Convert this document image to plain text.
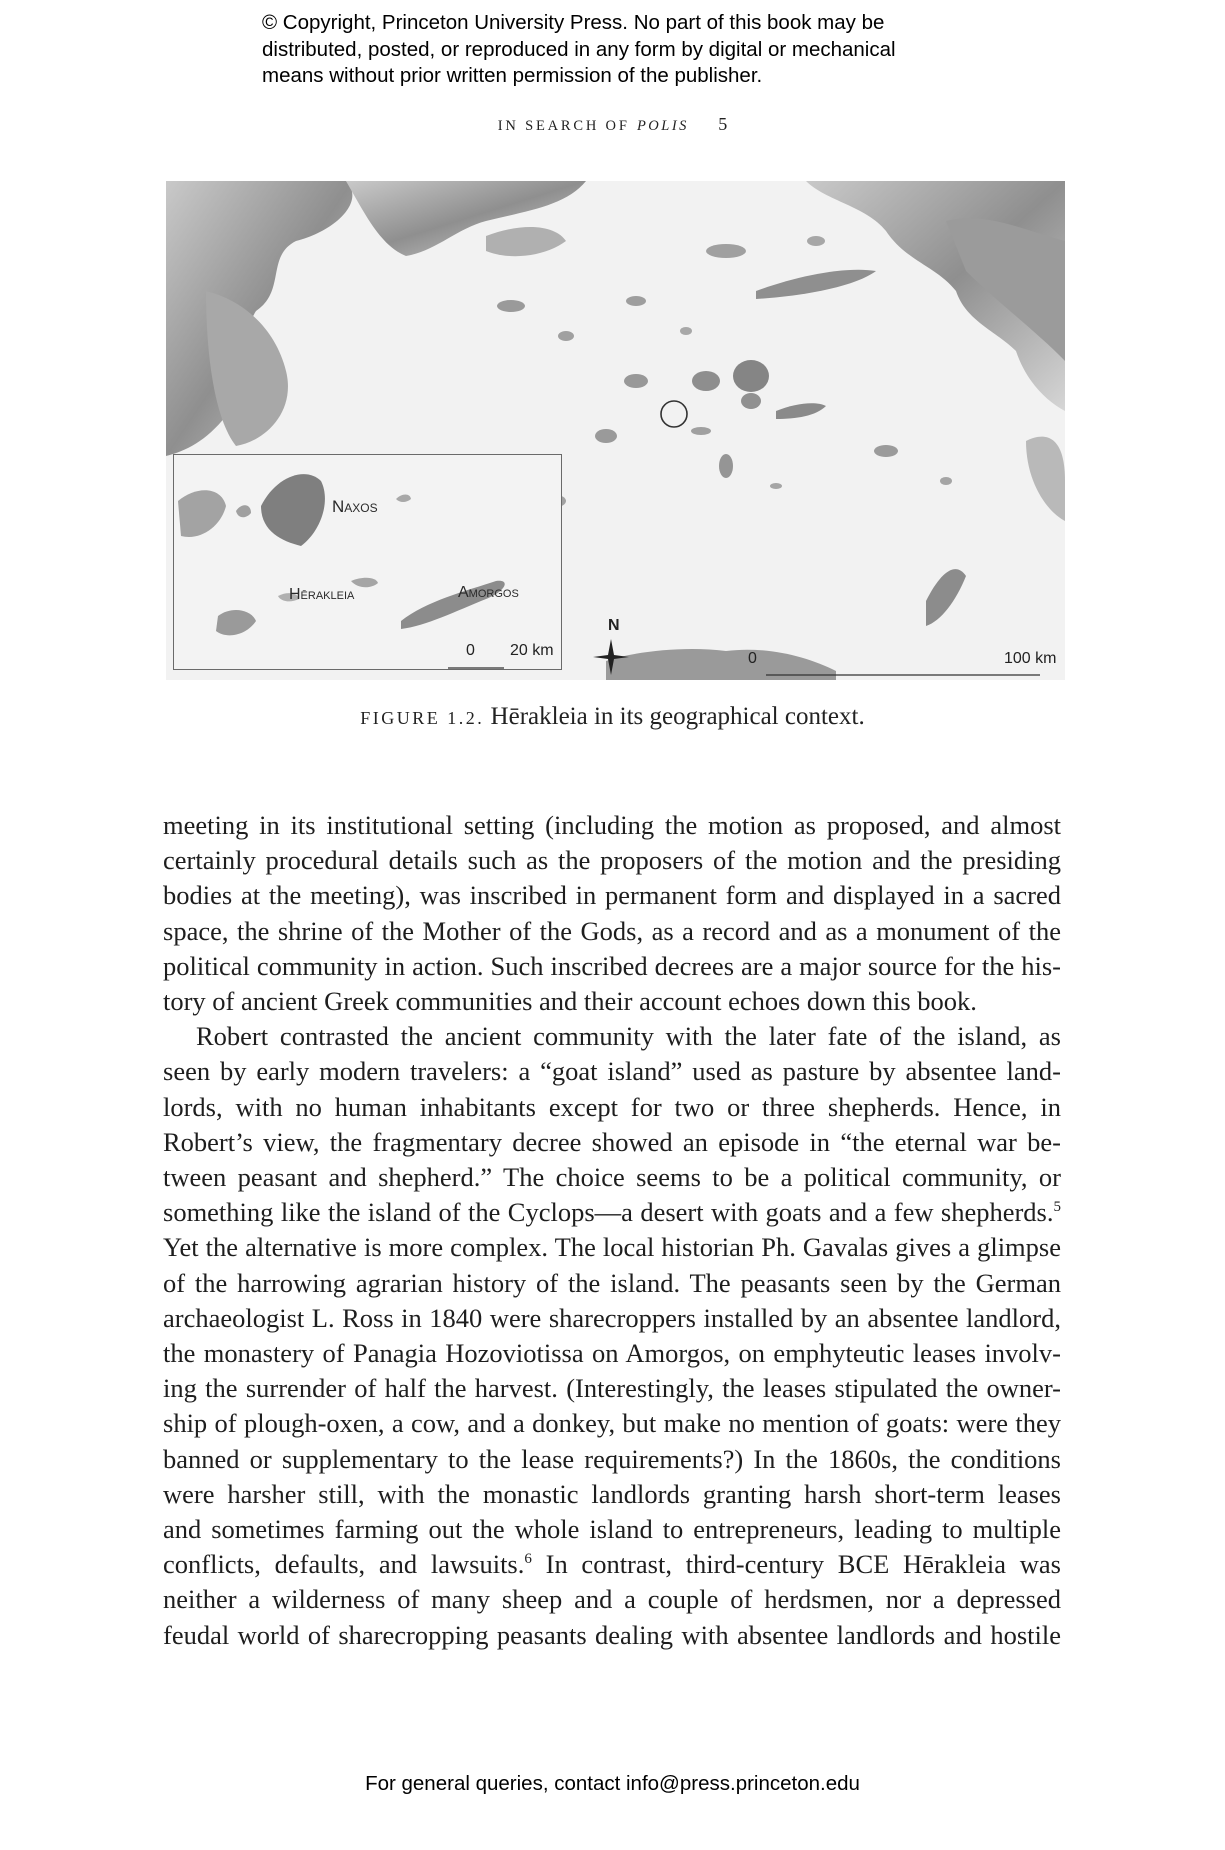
© Copyright, Princeton University Press. No part of this book may be
distributed, posted, or reproduced in any form by digital or mechanical
means without prior written permission of the publisher.
IN SEARCH OF POLIS 5
Naxos
Hērakleia	Amorgos
0 20 km
N
0	100 km
FIGURE 1.2. Hērakleia in its geographical context.
meeting in its institutional setting (including the motion as proposed, and almost
certainly procedural details such as the proposers of the motion and the presiding
bodies at the meeting), was inscribed in permanent form and displayed in a sacred
space, the shrine of the Mother of the Gods, as a record and as a monument of the
political community in action. Such inscribed decrees are a major source for the his-
tory of ancient Greek communities and their account echoes down this book.
Robert contrasted the ancient community with the later fate of the island, as
seen by early modern travelers: a “goat island” used as pasture by absentee land-
lords, with no human inhabitants except for two or three shepherds. Hence, in
Robert’s view, the fragmentary decree showed an episode in “the eternal war be-
tween peasant and shepherd.” The choice seems to be a political community, or
something like the island of the Cyclops—a desert with goats and a few shepherds.$^5$
Yet the alternative is more complex. The local historian Ph. Gavalas gives a glimpse
of the harrowing agrarian history of the island. The peasants seen by the German
archaeologist L. Ross in 1840 were sharecroppers installed by an absentee landlord,
the monastery of Panagia Hozoviotissa on Amorgos, on emphyteutic leases involv-
ing the surrender of half the harvest. (Interestingly, the leases stipulated the owner-
ship of plough-oxen, a cow, and a donkey, but make no mention of goats: were they
banned or supplementary to the lease requirements?) In the 1860s, the conditions
were harsher still, with the monastic landlords granting harsh short-term leases
and sometimes farming out the whole island to entrepreneurs, leading to multiple
conflicts, defaults, and lawsuits.$^6$ In contrast, third-century BCE Hērakleia was
neither a wilderness of many sheep and a couple of herdsmen, nor a depressed
feudal world of sharecropping peasants dealing with absentee landlords and hostile
For general queries, contact info@press.princeton.edu
